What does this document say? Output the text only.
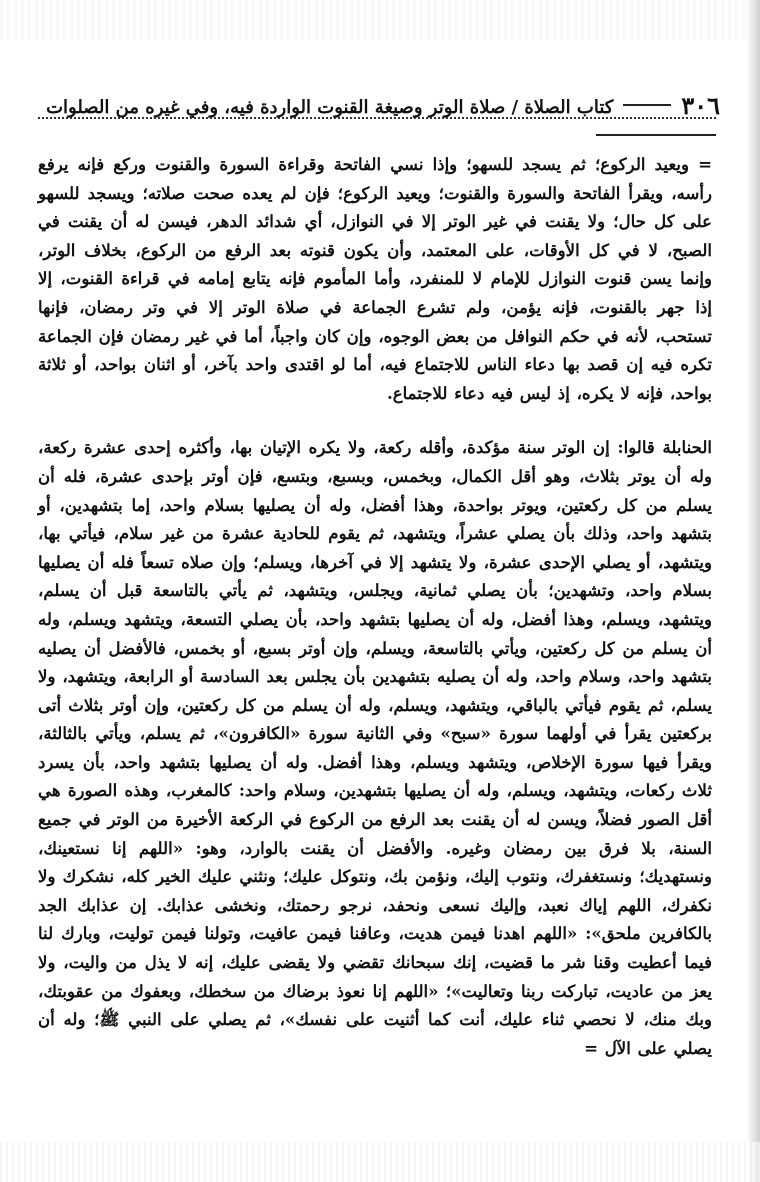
٣٠٦
كتاب الصلاة / صلاة الوتر وصيغة القنوت الواردة فيه، وفي غيره من الصلوات

= ويعيد الركوع؛ ثم يسجد للسهو؛ وإذا نسي الفاتحة وقراءة السورة والقنوت وركع فإنه يرفع رأسه، ويقرأ الفاتحة والسورة والقنوت؛ ويعيد الركوع؛ فإن لم يعده صحت صلاته؛ ويسجد للسهو على كل حال؛ ولا يقنت في غير الوتر إلا في النوازل، أي شدائد الدهر، فيسن له أن يقنت في الصبح، لا في كل الأوقات، على المعتمد، وأن يكون قنوته بعد الرفع من الركوع، بخلاف الوتر، وإنما يسن قنوت النوازل للإمام لا للمنفرد، وأما المأموم فإنه يتابع إمامه في قراءة القنوت، إلا إذا جهر بالقنوت، فإنه يؤمن، ولم تشرع الجماعة في صلاة الوتر إلا في وتر رمضان، فإنها تستحب، لأنه في حكم النوافل من بعض الوجوه، وإن كان واجباً، أما في غير رمضان فإن الجماعة تكره فيه إن قصد بها دعاء الناس للاجتماع فيه، أما لو اقتدى واحد بآخر، أو اثنان بواحد، أو ثلاثة بواحد، فإنه لا يكره، إذ ليس فيه دعاء للاجتماع.

الحنابلة قالوا: إن الوتر سنة مؤكدة، وأقله ركعة، ولا يكره الإتيان بها، وأكثره إحدى عشرة ركعة، وله أن يوتر بثلاث، وهو أقل الكمال، وبخمس، وبسبع، وبتسع، فإن أوتر بإحدى عشرة، فله أن يسلم من كل ركعتين، ويوتر بواحدة، وهذا أفضل، وله أن يصليها بسلام واحد، إما بتشهدين، أو بتشهد واحد، وذلك بأن يصلي عشراً، ويتشهد، ثم يقوم للحادية عشرة من غير سلام، فيأتي بها، ويتشهد، أو يصلي الإحدى عشرة، ولا يتشهد إلا في آخرها، ويسلم؛ وإن صلاه تسعاً فله أن يصليها بسلام واحد، وتشهدين؛ بأن يصلي ثمانية، ويجلس، ويتشهد، ثم يأتي بالتاسعة قبل أن يسلم، ويتشهد، ويسلم، وهذا أفضل، وله أن يصليها بتشهد واحد، بأن يصلي التسعة، ويتشهد ويسلم، وله أن يسلم من كل ركعتين، ويأتي بالتاسعة، ويسلم، وإن أوتر بسبع، أو بخمس، فالأفضل أن يصليه بتشهد واحد، وسلام واحد، وله أن يصليه بتشهدين بأن يجلس بعد السادسة أو الرابعة، ويتشهد، ولا يسلم، ثم يقوم فيأتي بالباقي، ويتشهد، ويسلم، وله أن يسلم من كل ركعتين، وإن أوتر بثلاث أتى بركعتين يقرأ في أولهما سورة «سبح» وفي الثانية سورة «الكافرون»، ثم يسلم، ويأتي بالثالثة، ويقرأ فيها سورة الإخلاص، ويتشهد ويسلم، وهذا أفضل. وله أن يصليها بتشهد واحد، بأن يسرد ثلاث ركعات، ويتشهد، ويسلم، وله أن يصليها بتشهدين، وسلام واحد: كالمغرب، وهذه الصورة هي أقل الصور فضلاً، ويسن له أن يقنت بعد الرفع من الركوع في الركعة الأخيرة من الوتر في جميع السنة، بلا فرق بين رمضان وغيره. والأفضل أن يقنت بالوارد، وهو: «اللهم إنا نستعينك، ونستهديك؛ ونستغفرك، ونتوب إليك، ونؤمن بك، ونتوكل عليك؛ ونثني عليك الخير كله، نشكرك ولا نكفرك، اللهم إياك نعبد، وإليك نسعى ونحفد، نرجو رحمتك، ونخشى عذابك. إن عذابك الجد بالكافرين ملحق»: «اللهم اهدنا فيمن هديت، وعافنا فيمن عافيت، وتولنا فيمن توليت، وبارك لنا فيما أعطيت وقنا شر ما قضيت، إنك سبحانك تقضي ولا يقضى عليك، إنه لا يذل من واليت، ولا يعز من عاديت، تباركت ربنا وتعاليت»؛ «اللهم إنا نعوذ برضاك من سخطك، وبعفوك من عقوبتك، وبك منك، لا نحصي ثناء عليك، أنت كما أثنيت على نفسك»، ثم يصلي على النبي ﷺ؛ وله أن يصلي على الآل =
